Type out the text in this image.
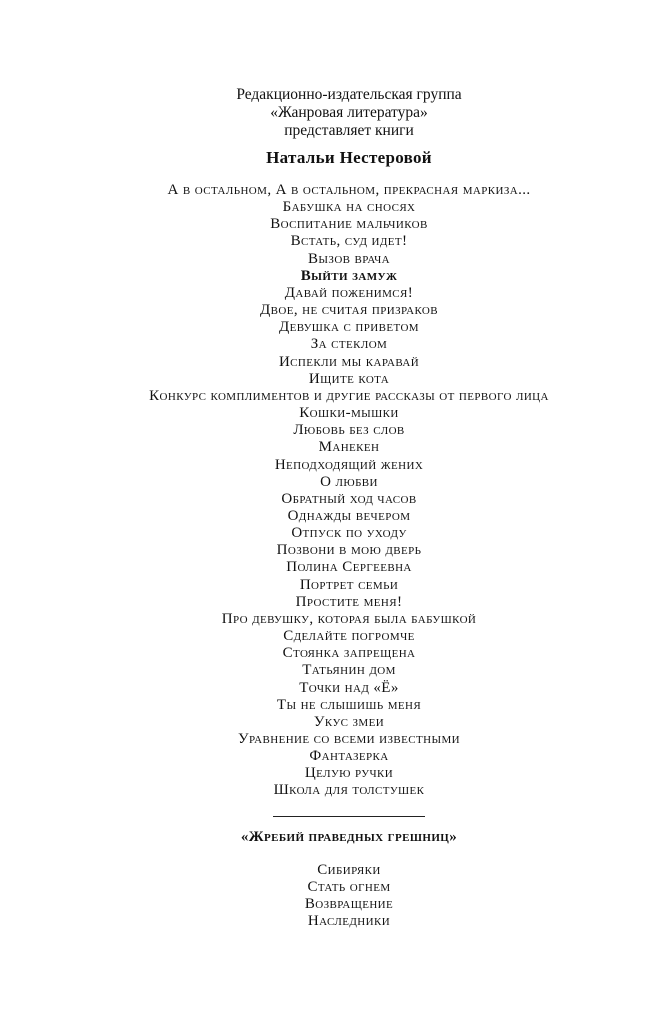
Редакционно-издательская группа
«Жанровая литература»
представляет книги
Натальи Нестеровой
А в остальном, А в остальном, прекрасная маркиза...
Бабушка на сносях
Воспитание мальчиков
Встать, суд идет!
Вызов врача
Выйти замуж
Давай поженимся!
Двое, не считая призраков
Девушка с приветом
За стеклом
Испекли мы каравай
Ищите кота
Конкурс комплиментов и другие рассказы от первого лица
Кошки-мышки
Любовь без слов
Манекен
Неподходящий жених
О любви
Обратный ход часов
Однажды вечером
Отпуск по уходу
Позвони в мою дверь
Полина Сергеевна
Портрет семьи
Простите меня!
Про девушку, которая была бабушкой
Сделайте погромче
Стоянка запрещена
Татьянин дом
Точки над «Ё»
Ты не слышишь меня
Укус змеи
Уравнение со всеми известными
Фантазерка
Целую ручки
Школа для толстушек
«Жребий праведных грешниц»
Сибиряки
Стать огнем
Возвращение
Наследники
